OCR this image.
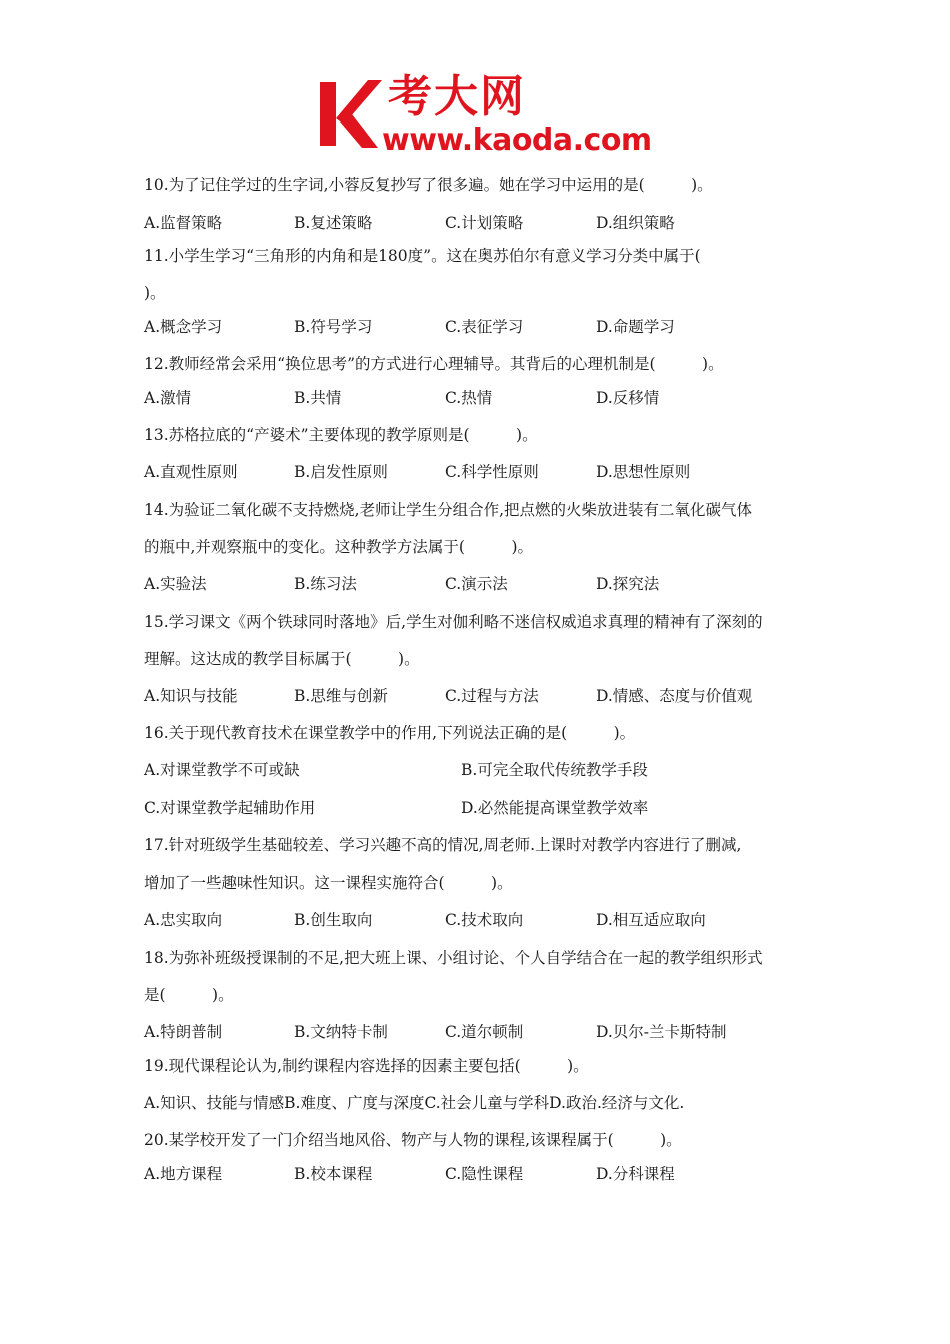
考大网
www.kaoda.com
10.为了记住学过的生字词,小蓉反复抄写了很多遍。她在学习中运用的是(　　　)。
A.监督策略	B.复述策略	C.计划策略	D.组织策略
11.小学生学习“三角形的内角和是180度”。这在奥苏伯尔有意义学习分类中属于(
)。
A.概念学习	B.符号学习	C.表征学习	D.命题学习
12.教师经常会采用“换位思考”的方式进行心理辅导。其背后的心理机制是(　　　)。
A.激情	B.共情	C.热情	D.反移情
13.苏格拉底的“产婆术”主要体现的教学原则是(　　　)。
A.直观性原则	B.启发性原则	C.科学性原则	D.思想性原则
14.为验证二氧化碳不支持燃烧,老师让学生分组合作,把点燃的火柴放进装有二氧化碳气体
的瓶中,并观察瓶中的变化。这种教学方法属于(　　　)。
A.实验法	B.练习法	C.演示法	D.探究法
15.学习课文《两个铁球同时落地》后,学生对伽利略不迷信权威追求真理的精神有了深刻的
理解。这达成的教学目标属于(　　　)。
A.知识与技能	B.思维与创新	C.过程与方法	D.情感、态度与价值观
16.关于现代教育技术在课堂教学中的作用,下列说法正确的是(　　　)。
A.对课堂教学不可或缺	B.可完全取代传统教学手段
C.对课堂教学起辅助作用	D.必然能提高课堂教学效率
17.针对班级学生基础较差、学习兴趣不高的情况,周老师.上课时对教学内容进行了删减,
增加了一些趣味性知识。这一课程实施符合(　　　)。
A.忠实取向	B.创生取向	C.技术取向	D.相互适应取向
18.为弥补班级授课制的不足,把大班上课、小组讨论、个人自学结合在一起的教学组织形式
是(　　　)。
A.特朗普制	B.文纳特卡制	C.道尔顿制	D.贝尔-兰卡斯特制
19.现代课程论认为,制约课程内容选择的因素主要包括(　　　)。
A.知识、技能与情感B.难度、广度与深度C.社会儿童与学科D.政治.经济与文化.
20.某学校开发了一门介绍当地风俗、物产与人物的课程,该课程属于(　　　)。
A.地方课程	B.校本课程	C.隐性课程	D.分科课程
